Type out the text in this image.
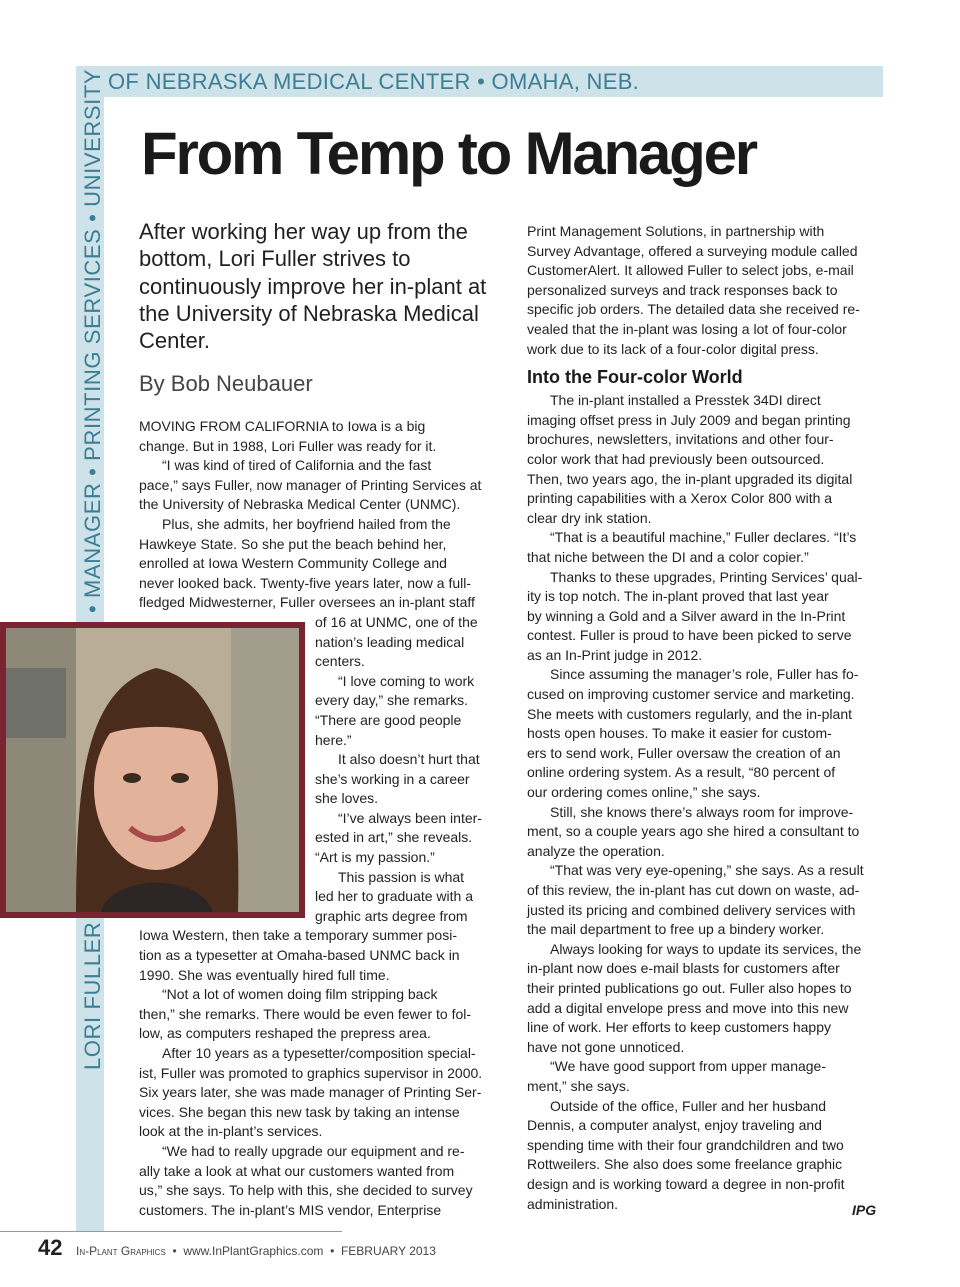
OF NEBRASKA MEDICAL CENTER • OMAHA, NEB.
• MANAGER • PRINTING SERVICES • UNIVERSITY
LORI FULLER
From Temp to Manager

After working her way up from the bottom, Lori Fuller strives to continuously improve her in-plant at the University of Nebraska Medical Center.

By Bob Neubauer

MOVING FROM CALIFORNIA to Iowa is a big
change. But in 1988, Lori Fuller was ready for it.
“I was kind of tired of California and the fast
pace,” says Fuller, now manager of Printing Services at
the University of Nebraska Medical Center (UNMC).
Plus, she admits, her boyfriend hailed from the
Hawkeye State. So she put the beach behind her,
enrolled at Iowa Western Community College and
never looked back. Twenty-five years later, now a full-
fledged Midwesterner, Fuller oversees an in-plant staff
of 16 at UNMC, one of the
nation’s leading medical
centers.
“I love coming to work
every day,” she remarks.
“There are good people
here.”
It also doesn’t hurt that
she’s working in a career
she loves.
“I’ve always been inter-
ested in art,” she reveals.
“Art is my passion.”
This passion is what
led her to graduate with a
graphic arts degree from
Iowa Western, then take a temporary summer posi-
tion as a typesetter at Omaha-based UNMC back in
1990. She was eventually hired full time.
“Not a lot of women doing film stripping back
then,” she remarks. There would be even fewer to fol-
low, as computers reshaped the prepress area.
After 10 years as a typesetter/composition special-
ist, Fuller was promoted to graphics supervisor in 2000.
Six years later, she was made manager of Printing Ser-
vices. She began this new task by taking an intense
look at the in-plant’s services.
“We had to really upgrade our equipment and re-
ally take a look at what our customers wanted from
us,” she says. To help with this, she decided to survey
customers. The in-plant’s MIS vendor, Enterprise
Print Management Solutions, in partnership with
Survey Advantage, offered a surveying module called
CustomerAlert. It allowed Fuller to select jobs, e-mail
personalized surveys and track responses back to
specific job orders. The detailed data she received re-
vealed that the in-plant was losing a lot of four-color
work due to its lack of a four-color digital press.
Into the Four-color World
The in-plant installed a Presstek 34DI direct
imaging offset press in July 2009 and began printing
brochures, newsletters, invitations and other four-
color work that had previously been outsourced.
Then, two years ago, the in-plant upgraded its digital
printing capabilities with a Xerox Color 800 with a
clear dry ink station.
“That is a beautiful machine,” Fuller declares. “It’s
that niche between the DI and a color copier.”
Thanks to these upgrades, Printing Services’ qual-
ity is top notch. The in-plant proved that last year
by winning a Gold and a Silver award in the In-Print
contest. Fuller is proud to have been picked to serve
as an In-Print judge in 2012.
Since assuming the manager’s role, Fuller has fo-
cused on improving customer service and marketing.
She meets with customers regularly, and the in-plant
hosts open houses. To make it easier for custom-
ers to send work, Fuller oversaw the creation of an
online ordering system. As a result, “80 percent of
our ordering comes online,” she says.
Still, she knows there’s always room for improve-
ment, so a couple years ago she hired a consultant to
analyze the operation.
“That was very eye-opening,” she says. As a result
of this review, the in-plant has cut down on waste, ad-
justed its pricing and combined delivery services with
the mail department to free up a bindery worker.
Always looking for ways to update its services, the
in-plant now does e-mail blasts for customers after
their printed publications go out. Fuller also hopes to
add a digital envelope press and move into this new
line of work. Her efforts to keep customers happy
have not gone unnoticed.
“We have good support from upper manage-
ment,” she says.
Outside of the office, Fuller and her husband
Dennis, a computer analyst, enjoy traveling and
spending time with their four grandchildren and two
Rottweilers. She also does some freelance graphic
design and is working toward a degree in non-profit
administration.	IPG
42 In-Plant Graphics • www.InPlantGraphics.com • FEBRUARY 2013
